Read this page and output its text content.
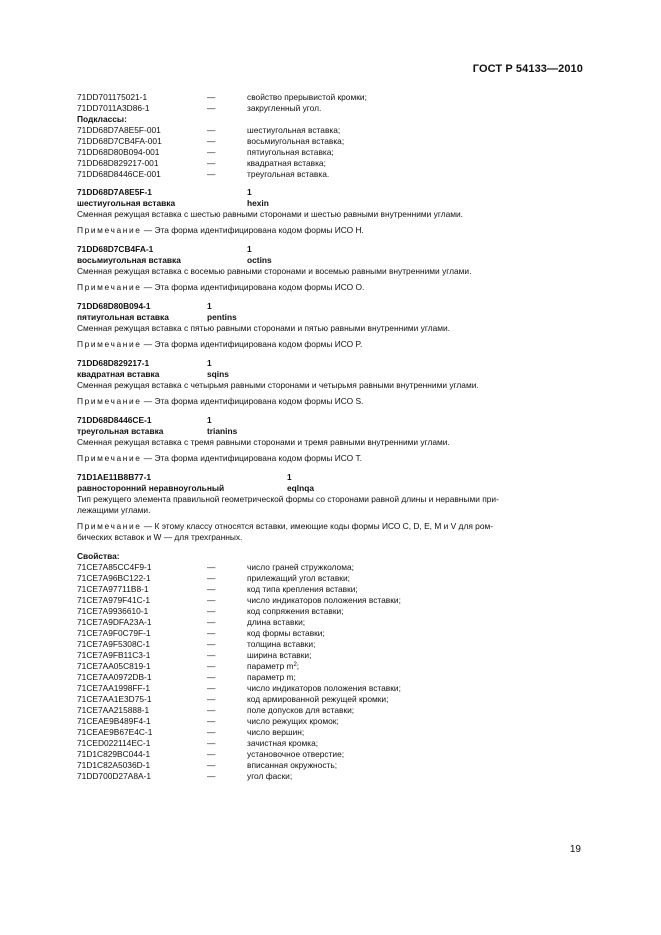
ГОСТ Р 54133—2010
71DD701175021-1	—	свойство прерывистой кромки;
71DD7011A3D86-1	—	закругленный угол.
Подклассы:
71DD68D7A8E5F-001	—	шестиугольная вставка;
71DD68D7CB4FA-001	—	восьмиугольная вставка;
71DD68D80B094-001	—	пятиугольная вставка;
71DD68D829217-001	—	квадратная вставка;
71DD68D8446CE-001	—	треугольная вставка.
71DD68D7A8E5F-1	1
шестиугольная вставка	hexin
Сменная режущая вставка с шестью равными сторонами и шестью равными внутренними углами.
Примечание — Эта форма идентифицирована кодом формы ИСО H.
71DD68D7CB4FA-1	1
восьмиугольная вставка	octins
Сменная режущая вставка с восемью равными сторонами и восемью равными внутренними углами.
Примечание — Эта форма идентифицирована кодом формы ИСО O.
71DD68D80B094-1	1
пятиугольная вставка	pentins
Сменная режущая вставка с пятью равными сторонами и пятью равными внутренними углами.
Примечание — Эта форма идентифицирована кодом формы ИСО P.
71DD68D829217-1	1
квадратная вставка	sqins
Сменная режущая вставка с четырьмя равными сторонами и четырьмя равными внутренними углами.
Примечание — Эта форма идентифицирована кодом формы ИСО S.
71DD68D8446CE-1	1
треугольная вставка	trianins
Сменная режущая вставка с тремя равными сторонами и тремя равными внутренними углами.
Примечание — Эта форма идентифицирована кодом формы ИСО T.
71D1AE11B8B77-1	1
равносторонний неравноугольный	eqlnqa
Тип режущего элемента правильной геометрической формы со сторонами равной длины и неравными при-
лежащими углами.
Примечание — К этому классу относятся вставки, имеющие коды формы ИСО C, D, E, M и V для ром-
бических вставок и W — для трехгранных.
Свойства:
71CE7A85CC4F9-1	—	число граней стружколома;
71CE7A96BC122-1	—	прилежащий угол вставки;
71CE7A97711B8-1	—	код типа крепления вставки;
71CE7A979F41C-1	—	число индикаторов положения вставки;
71CE7A9936610-1	—	код сопряжения вставки;
71CE7A9DFA23A-1	—	длина вставки;
71CE7A9F0C79F-1	—	код формы вставки;
71CE7A9F5308C-1	—	толщина вставки;
71CE7A9FB11C3-1	—	ширина вставки;
71CE7AA05C819-1	—	параметр $m^2$;
71CE7AA0972DB-1	—	параметр m;
71CE7AA1998FF-1	—	число индикаторов положения вставки;
71CE7AA1E3D75-1	—	код армированной режущей кромки;
71CE7AA215888-1	—	поле допусков для вставки;
71CEAE9B489F4-1	—	число режущих кромок;
71CEAE9B67E4C-1	—	число вершин;
71CED022114EC-1	—	зачистная кромка;
71D1C829BC044-1	—	установочное отверстие;
71D1C82A5036D-1	—	вписанная окружность;
71DD700D27A8A-1	—	угол фаски;
19
